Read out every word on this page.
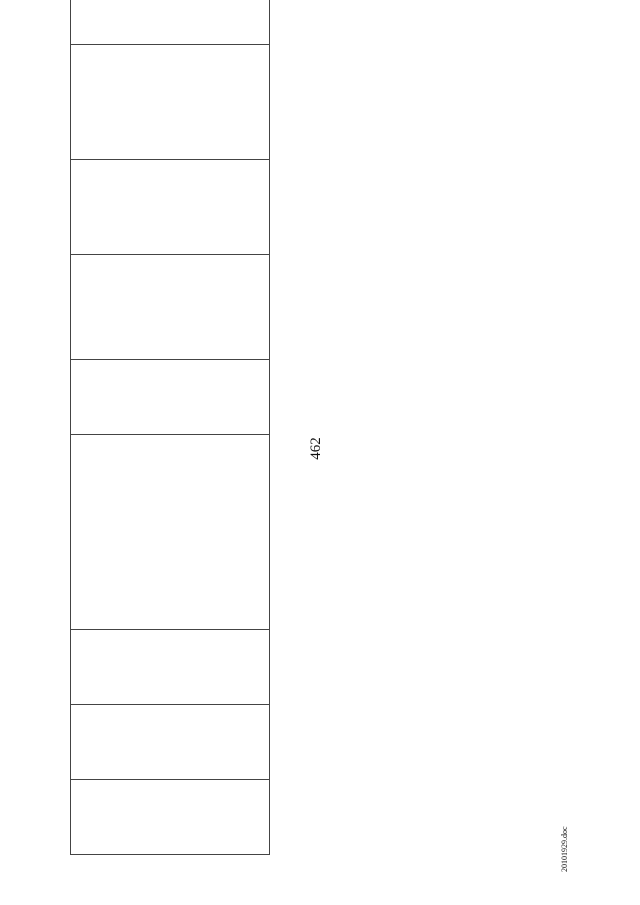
462

20101929.doc
